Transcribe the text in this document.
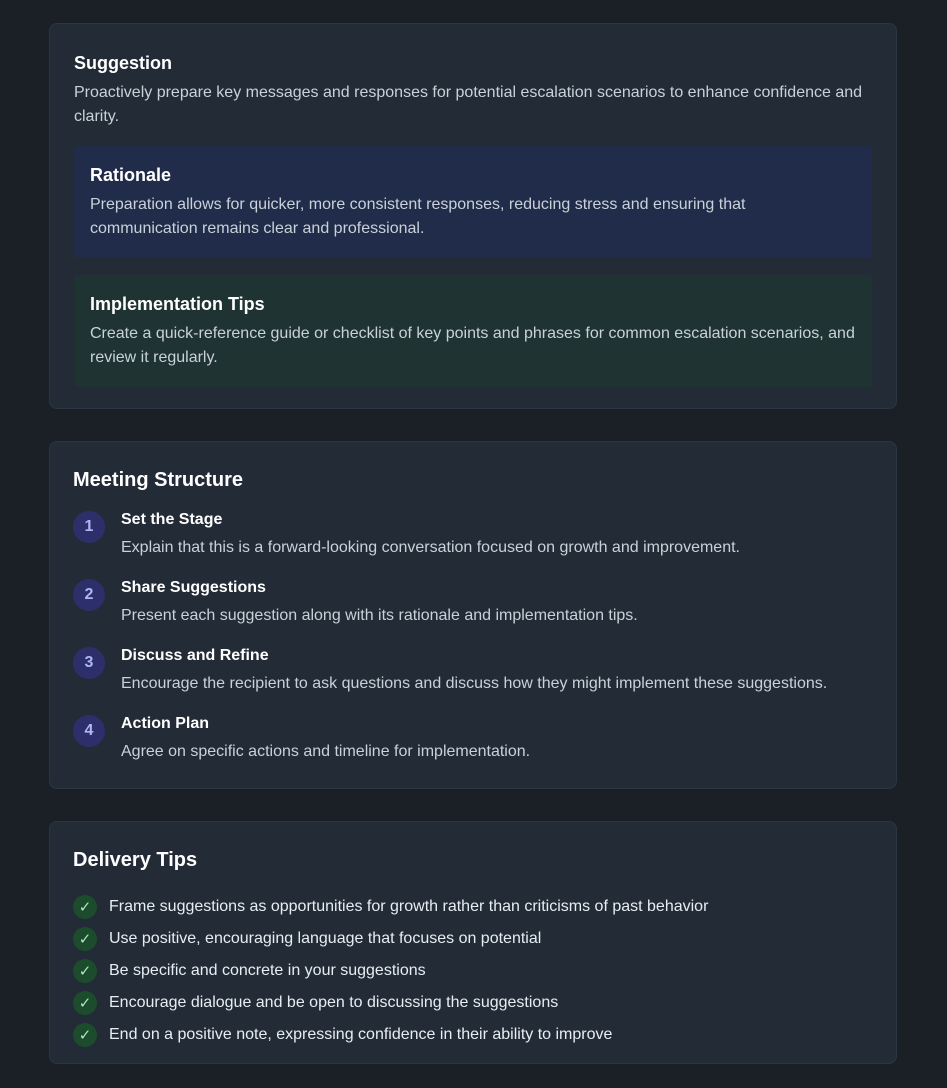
Suggestion
Proactively prepare key messages and responses for potential escalation scenarios to enhance confidence and clarity.
Rationale
Preparation allows for quicker, more consistent responses, reducing stress and ensuring that communication remains clear and professional.
Implementation Tips
Create a quick-reference guide or checklist of key points and phrases for common escalation scenarios, and review it regularly.
Meeting Structure
1	Set the Stage
Explain that this is a forward-looking conversation focused on growth and improvement.
2	Share Suggestions
Present each suggestion along with its rationale and implementation tips.
3	Discuss and Refine
Encourage the recipient to ask questions and discuss how they might implement these suggestions.
4	Action Plan
Agree on specific actions and timeline for implementation.
Delivery Tips
✓	Frame suggestions as opportunities for growth rather than criticisms of past behavior
✓	Use positive, encouraging language that focuses on potential
✓	Be specific and concrete in your suggestions
✓	Encourage dialogue and be open to discussing the suggestions
✓	End on a positive note, expressing confidence in their ability to improve
